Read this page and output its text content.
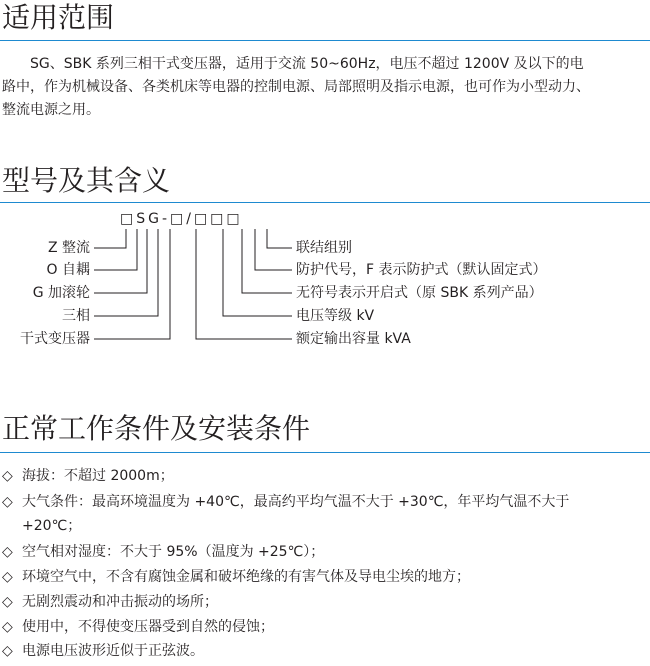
适用范围
SG、SBK 系列三相干式变压器，适用于交流 50~60Hz，电压不超过 1200V 及以下的电
路中，作为机械设备、各类机床等电器的控制电源、局部照明及指示电源，也可作为小型动力、
整流电源之用。
型号及其含义
□SG-□/□□□
Z 整流
O 自耦
G 加滚轮
三相
干式变压器
联结组别
防护代号，F 表示防护式（默认固定式）
无符号表示开启式（原 SBK 系列产品）
电压等级 kV
额定输出容量 kVA
正常工作条件及安装条件
◇ 海拔：不超过 2000m；
◇ 大气条件：最高环境温度为 +40℃，最高约平均气温不大于 +30℃，年平均气温不大于
+20℃；
◇ 空气相对湿度：不大于 95%（温度为 +25℃）；
◇ 环境空气中，不含有腐蚀金属和破坏绝缘的有害气体及导电尘埃的地方；
◇ 无剧烈震动和冲击振动的场所；
◇ 使用中，不得使变压器受到自然的侵蚀；
◇ 电源电压波形近似于正弦波。
